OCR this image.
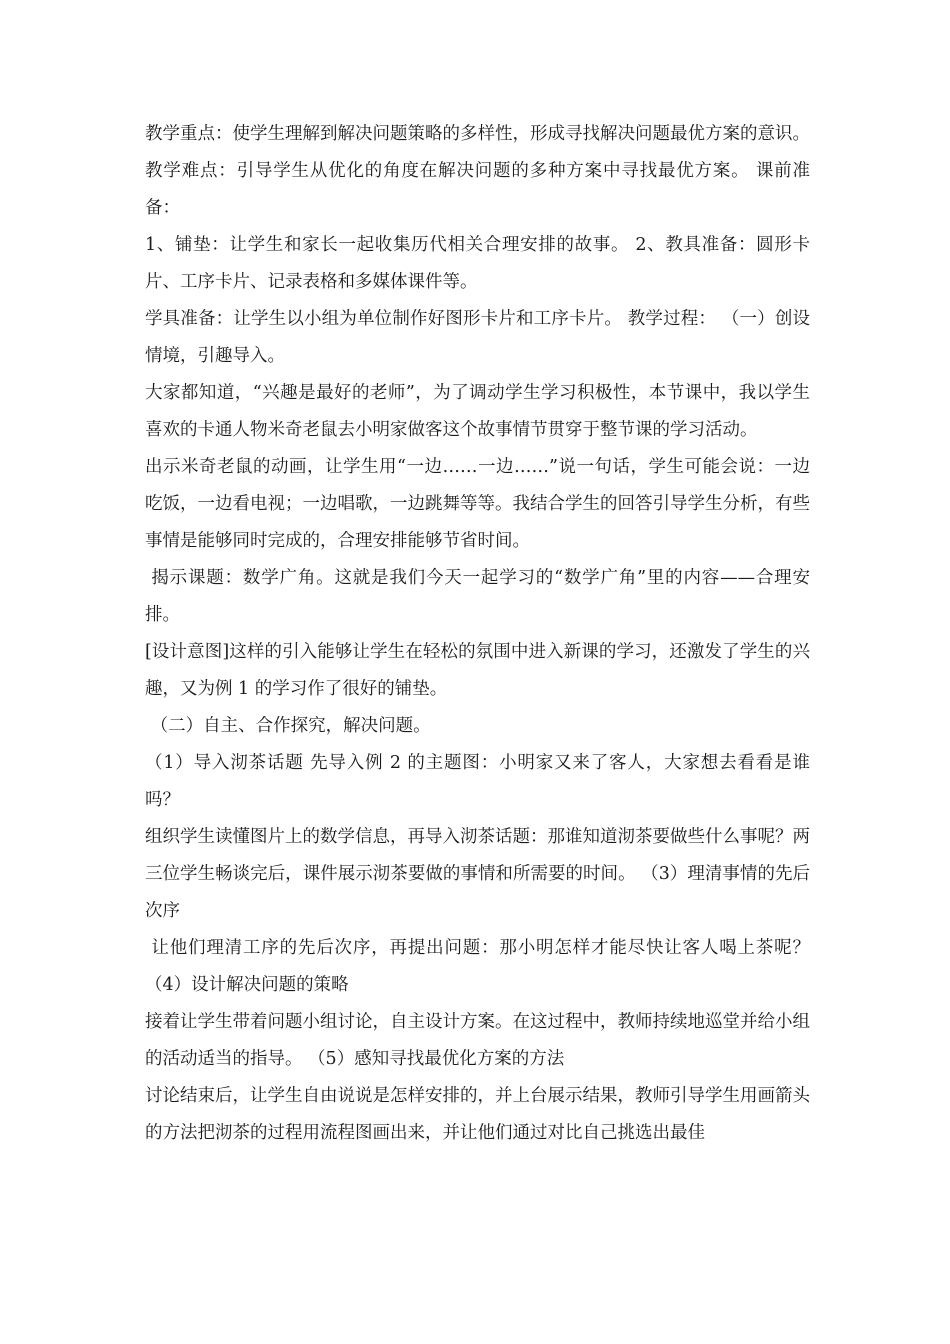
教学重点：使学生理解到解决问题策略的多样性，形成寻找解决问题最优方案的意识。 教学难点：引导学生从优化的角度在解决问题的多种方案中寻找最优方案。 课前准备：

1、铺垫：让学生和家长一起收集历代相关合理安排的故事。 2、教具准备：圆形卡片、工序卡片、记录表格和多媒体课件等。

学具准备：让学生以小组为单位制作好图形卡片和工序卡片。 教学过程： （一）创设情境，引趣导入。

大家都知道，“兴趣是最好的老师”，为了调动学生学习积极性，本节课中，我以学生喜欢的卡通人物米奇老鼠去小明家做客这个故事情节贯穿于整节课的学习活动。

出示米奇老鼠的动画，让学生用“一边……一边……”说一句话，学生可能会说：一边吃饭，一边看电视；一边唱歌，一边跳舞等等。我结合学生的回答引导学生分析，有些事情是能够同时完成的，合理安排能够节省时间。

揭示课题：数学广角。这就是我们今天一起学习的“数学广角”里的内容——合理安排。

[设计意图]这样的引入能够让学生在轻松的氛围中进入新课的学习，还激发了学生的兴趣，又为例 1 的学习作了很好的铺垫。

（二）自主、合作探究，解决问题。

（1）导入沏茶话题 先导入例 2 的主题图：小明家又来了客人，大家想去看看是谁吗？

组织学生读懂图片上的数学信息，再导入沏茶话题：那谁知道沏茶要做些什么事呢？两三位学生畅谈完后，课件展示沏茶要做的事情和所需要的时间。 （3）理清事情的先后次序

让他们理清工序的先后次序，再提出问题：那小明怎样才能尽快让客人喝上茶呢？ （4）设计解决问题的策略

接着让学生带着问题小组讨论，自主设计方案。在这过程中，教师持续地巡堂并给小组的活动适当的指导。 （5）感知寻找最优化方案的方法

讨论结束后，让学生自由说说是怎样安排的，并上台展示结果，教师引导学生用画箭头的方法把沏茶的过程用流程图画出来，并让他们通过对比自己挑选出最佳
